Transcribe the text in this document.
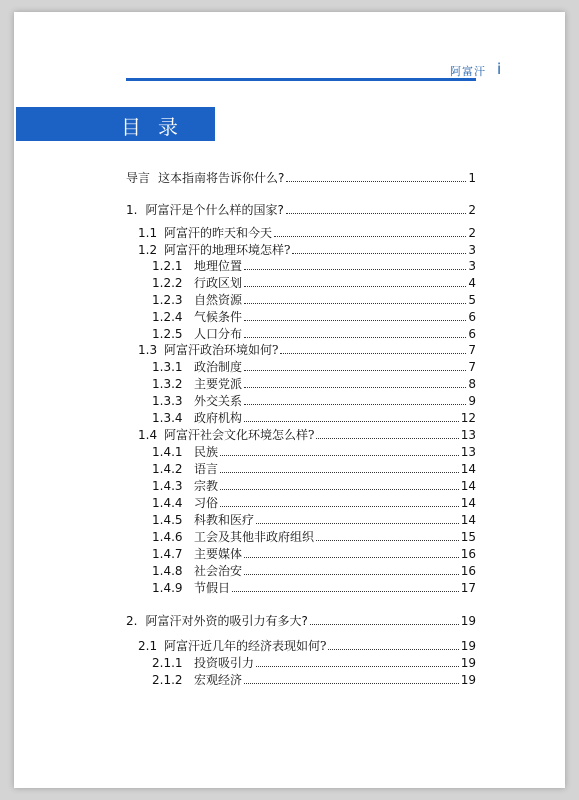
阿富汗 i
目录
导言 这本指南将告诉你什么?	1
1. 阿富汗是个什么样的国家?	2
1.1 阿富汗的昨天和今天	2
1.2 阿富汗的地理环境怎样?	3
1.2.1 地理位置	3
1.2.2 行政区划	4
1.2.3 自然资源	5
1.2.4 气候条件	6
1.2.5 人口分布	6
1.3 阿富汗政治环境如何?	7
1.3.1 政治制度	7
1.3.2 主要党派	8
1.3.3 外交关系	9
1.3.4 政府机构	12
1.4 阿富汗社会文化环境怎么样?	13
1.4.1 民族	13
1.4.2 语言	14
1.4.3 宗教	14
1.4.4 习俗	14
1.4.5 科教和医疗	14
1.4.6 工会及其他非政府组织	15
1.4.7 主要媒体	16
1.4.8 社会治安	16
1.4.9 节假日	17
2. 阿富汗对外资的吸引力有多大?	19
2.1 阿富汗近几年的经济表现如何?	19
2.1.1 投资吸引力	19
2.1.2 宏观经济	19
